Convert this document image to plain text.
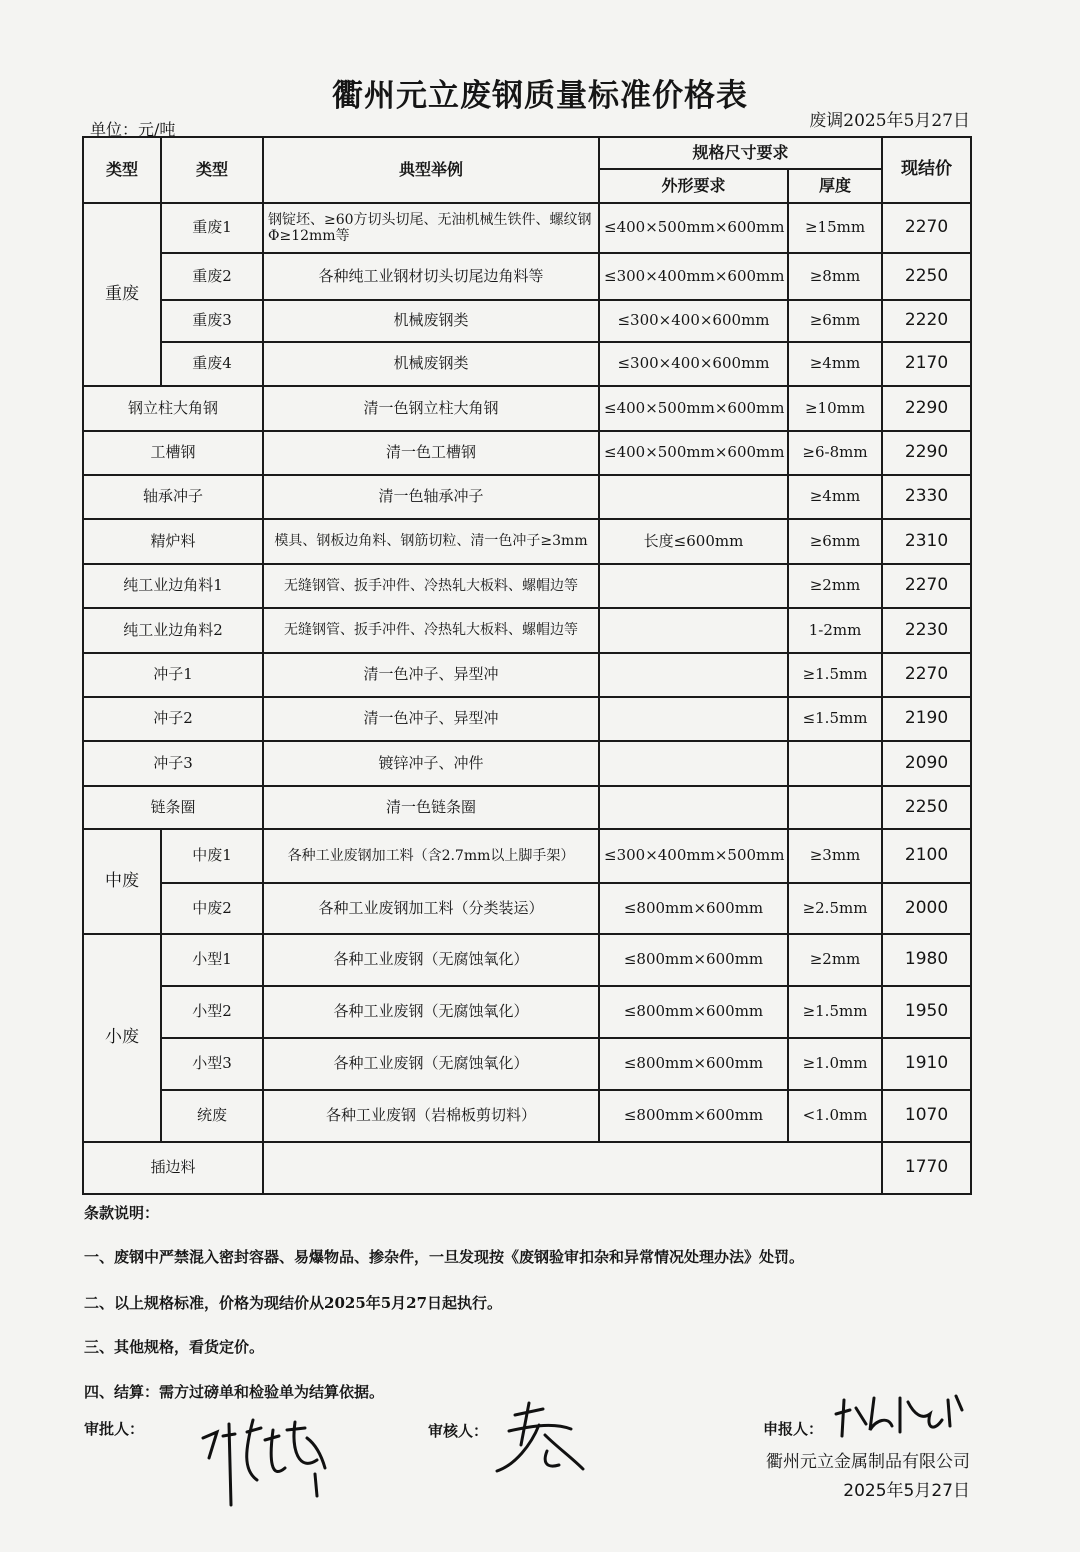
衢州元立废钢质量标准价格表
单位：元/吨	废调2025年5月27日
类型	类型	典型举例	规格尺寸要求		现结价
			外形要求	厚度	
重废	重废1	钢锭坯、≥60方切头切尾、无油机械生铁件、螺纹钢Φ≥12mm等	≤400×500mm×600mm	≥15mm	2270
	重废2	各种纯工业钢材切头切尾边角料等	≤300×400mm×600mm	≥8mm	2250
	重废3	机械废钢类	≤300×400×600mm	≥6mm	2220
	重废4	机械废钢类	≤300×400×600mm	≥4mm	2170
钢立柱大角钢		清一色钢立柱大角钢	≤400×500mm×600mm	≥10mm	2290
工槽钢		清一色工槽钢	≤400×500mm×600mm	≥6-8mm	2290
轴承冲子		清一色轴承冲子		≥4mm	2330
精炉料		模具、钢板边角料、钢筋切粒、清一色冲子≥3mm	长度≤600mm	≥6mm	2310
纯工业边角料1		无缝钢管、扳手冲件、冷热轧大板料、螺帽边等		≥2mm	2270
纯工业边角料2		无缝钢管、扳手冲件、冷热轧大板料、螺帽边等		1-2mm	2230
冲子1		清一色冲子、异型冲		≥1.5mm	2270
冲子2		清一色冲子、异型冲		≤1.5mm	2190
冲子3		镀锌冲子、冲件			2090
链条圈		清一色链条圈			2250
中废	中废1	各种工业废钢加工料（含2.7mm以上脚手架）	≤300×400mm×500mm	≥3mm	2100
	中废2	各种工业废钢加工料（分类装运）	≤800mm×600mm	≥2.5mm	2000
小废	小型1	各种工业废钢（无腐蚀氧化）	≤800mm×600mm	≥2mm	1980
	小型2	各种工业废钢（无腐蚀氧化）	≤800mm×600mm	≥1.5mm	1950
	小型3	各种工业废钢（无腐蚀氧化）	≤800mm×600mm	≥1.0mm	1910
	统废	各种工业废钢（岩棉板剪切料）	≤800mm×600mm	<1.0mm	1070
插边料					1770
条款说明：
一、废钢中严禁混入密封容器、易爆物品、掺杂件，一旦发现按《废钢验审扣杂和异常情况处理办法》处罚。
二、以上规格标准，价格为现结价从2025年5月27日起执行。
三、其他规格，看货定价。
四、结算：需方过磅单和检验单为结算依据。
审批人：	审核人：	申报人：
衢州元立金属制品有限公司
2025年5月27日
